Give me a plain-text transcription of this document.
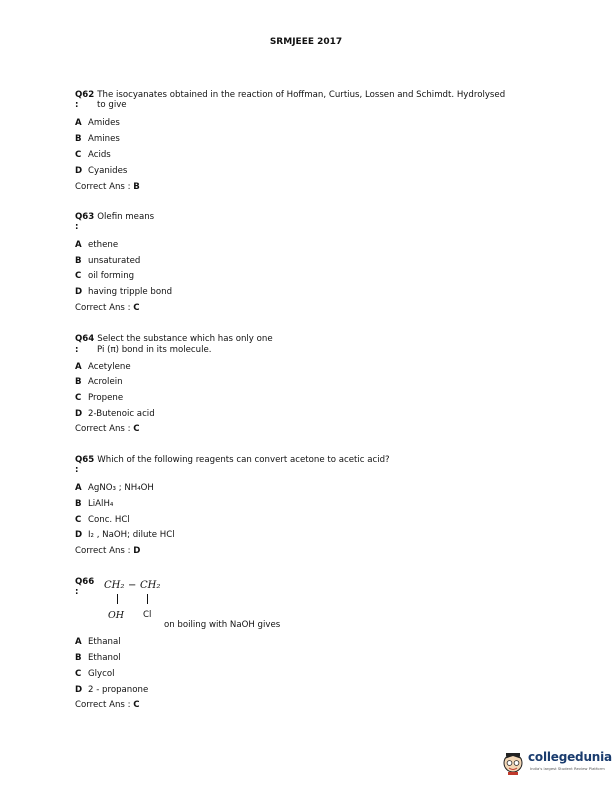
SRMJEEE 2017
Q62 The isocyanates obtained in the reaction of Hoffman, Curtius, Lossen and Schimdt. Hydrolysed
: to give
A Amides
B Amines
C Acids
D Cyanides
Correct Ans : B
Q63 Olefin means
:
A ethene
B unsaturated
C oil forming
D having tripple bond
Correct Ans : C
Q64 Select the substance which has only one
: Pi (π) bond in its molecule.
A Acetylene
B Acrolein
C Propene
D 2-Butenoic acid
Correct Ans : C
Q65 Which of the following reagents can convert acetone to acetic acid?
:
A AgNO₃ ; NH₄OH
B LiAlH₄
C Conc. HCl
D I₂ , NaOH; dilute HCl
Correct Ans : D
Q66
:
CH₂ − CH₂
OH Cl
on boiling with NaOH gives
A Ethanal
B Ethanol
C Glycol
D 2 - propanone
Correct Ans : C
collegedunia
India's largest Student Review Platform
